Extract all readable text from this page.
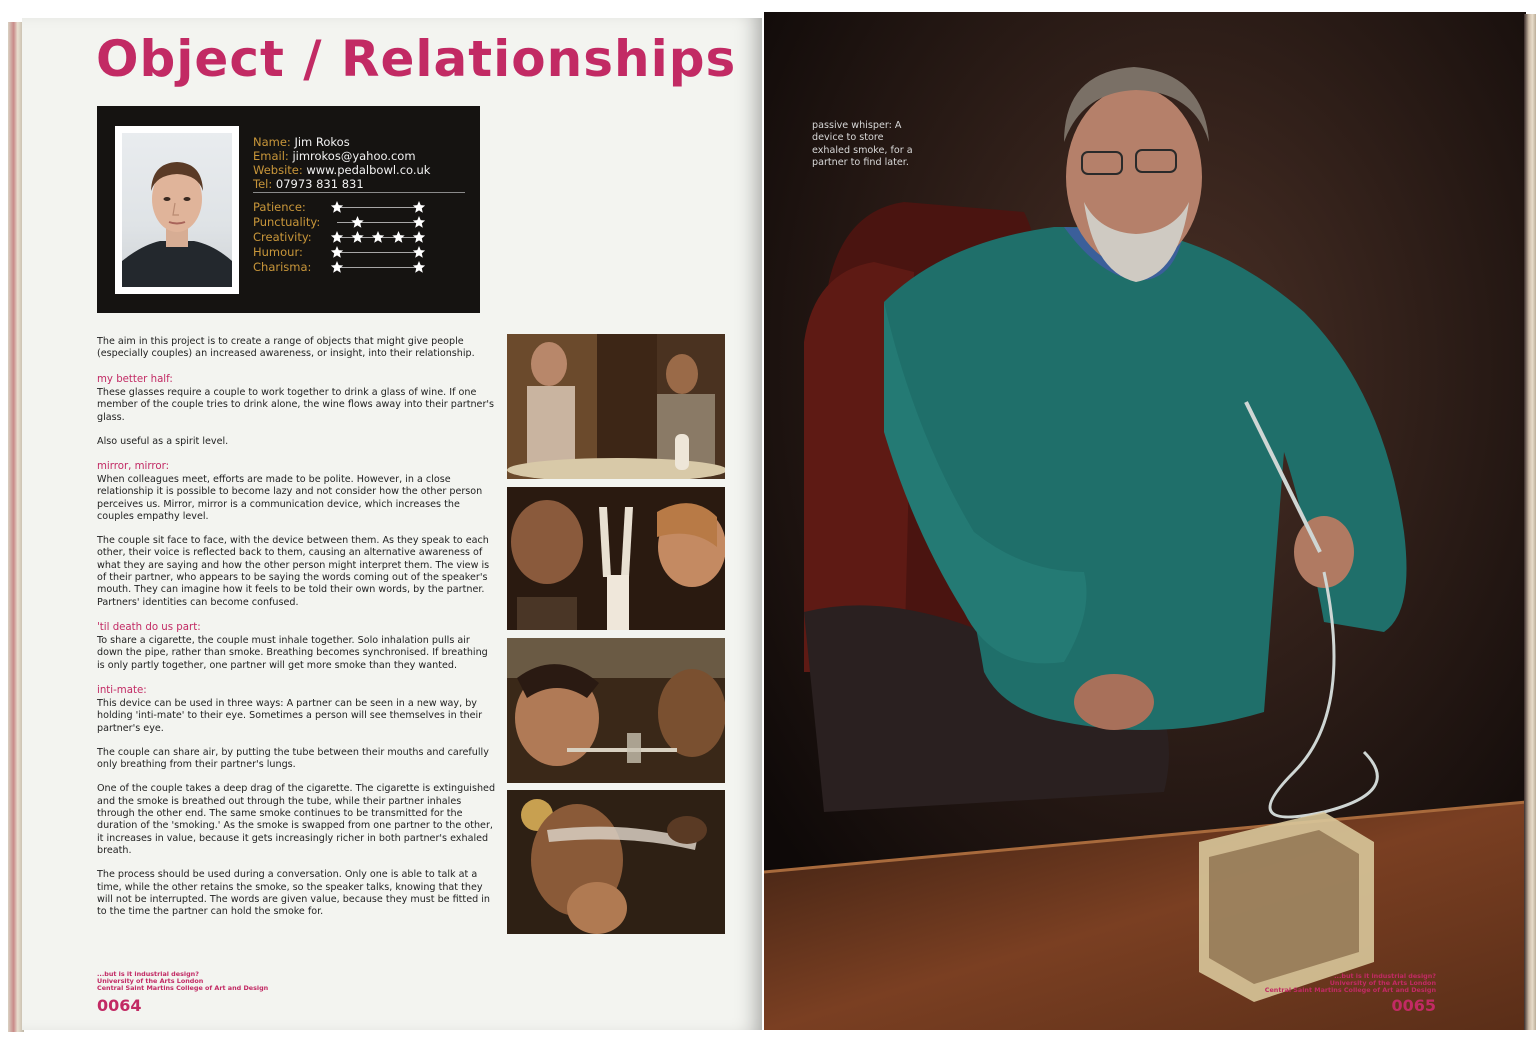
Object / Relationships
Name: Jim Rokos
Email: jimrokos@yahoo.com
Website: www.pedalbowl.co.uk
Tel: 07973 831 831
Patience:
Punctuality:
Creativity:
Humour:
Charisma:
The aim in this project is to create a range of objects that might give people (especially couples) an increased awareness, or insight, into their relationship.
my better half:

These glasses require a couple to work together to drink a glass of wine. If one member of the couple tries to drink alone, the wine flows away into their partner's glass.

Also useful as a spirit level.

mirror, mirror:

When colleagues meet, efforts are made to be polite. However, in a close relationship it is possible to become lazy and not consider how the other person perceives us. Mirror, mirror is a communication device, which increases the couples empathy level.

The couple sit face to face, with the device between them. As they speak to each other, their voice is reflected back to them, causing an alternative awareness of what they are saying and how the other person might interpret them. The view is of their partner, who appears to be saying the words coming out of the speaker's mouth. They can imagine how it feels to be told their own words, by the partner. Partners' identities can become confused.

'til death do us part:

To share a cigarette, the couple must inhale together. Solo inhalation pulls air down the pipe, rather than smoke. Breathing becomes synchronised. If breathing is only partly together, one partner will get more smoke than they wanted.

inti-mate:

This device can be used in three ways: A partner can be seen in a new way, by holding 'inti-mate' to their eye. Sometimes a person will see themselves in their partner's eye.

The couple can share air, by putting the tube between their mouths and carefully only breathing from their partner's lungs.

One of the couple takes a deep drag of the cigarette. The cigarette is extinguished and the smoke is breathed out through the tube, while their partner inhales through the other end. The same smoke continues to be transmitted for the duration of the 'smoking.' As the smoke is swapped from one partner to the other, it increases in value, because it gets increasingly richer in both partner's exhaled breath.

The process should be used during a conversation. Only one is able to talk at a time, while the other retains the smoke, so the speaker talks, knowing that they will not be interrupted. The words are given value, because they must be fitted in to the time the partner can hold the smoke for.

...but is it industrial design?
University of the Arts London
Central Saint Martins College of Art and Design
0064
passive whisper: A device to store exhaled smoke, for a partner to find later.
...but is it industrial design?
University of the Arts London
Central Saint Martins College of Art and Design
0065
